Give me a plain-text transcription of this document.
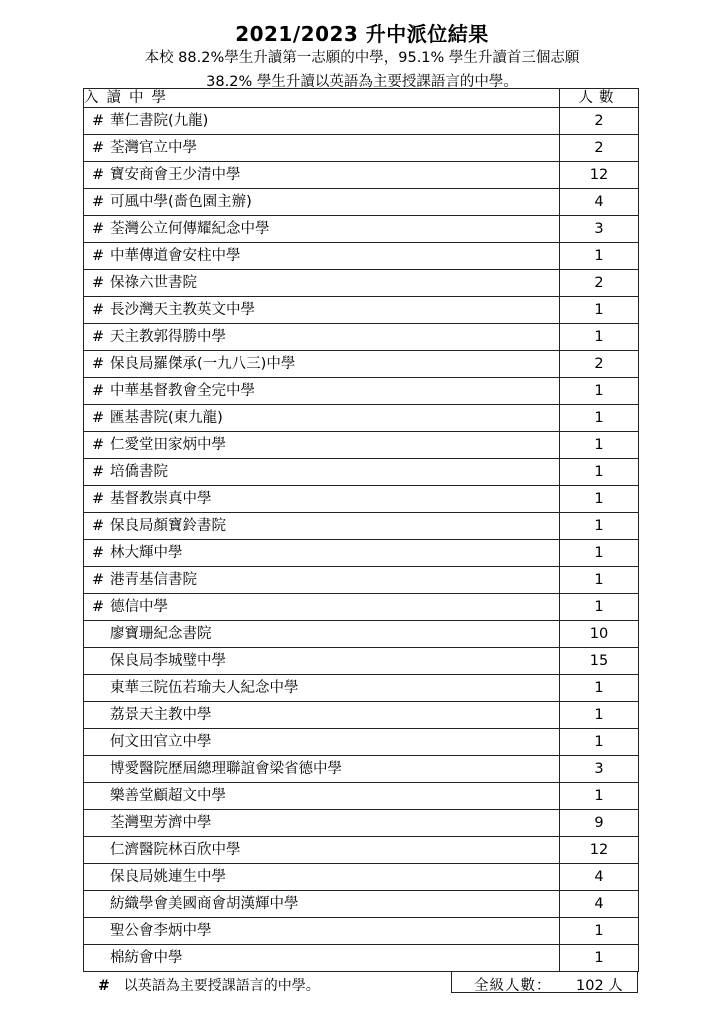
2021/2023 升中派位結果
本校 88.2%學生升讀第一志願的中學，95.1% 學生升讀首三個志願
38.2% 學生升讀以英語為主要授課語言的中學。
入讀中學	人數
# 華仁書院(九龍)	2
# 荃灣官立中學	2
# 寶安商會王少清中學	12
# 可風中學(嗇色園主辦)	4
# 荃灣公立何傳耀紀念中學	3
# 中華傳道會安柱中學	1
# 保祿六世書院	2
# 長沙灣天主教英文中學	1
# 天主教郭得勝中學	1
# 保良局羅傑承(一九八三)中學	2
# 中華基督教會全完中學	1
# 匯基書院(東九龍)	1
# 仁愛堂田家炳中學	1
# 培僑書院	1
# 基督教崇真中學	1
# 保良局顏寶鈴書院	1
# 林大輝中學	1
# 港青基信書院	1
# 德信中學	1
廖寶珊紀念書院	10
保良局李城璧中學	15
東華三院伍若瑜夫人紀念中學	1
荔景天主教中學	1
何文田官立中學	1
博愛醫院歷屆總理聯誼會梁省德中學	3
樂善堂顧超文中學	1
荃灣聖芳濟中學	9
仁濟醫院林百欣中學	12
保良局姚連生中學	4
紡織學會美國商會胡漢輝中學	4
聖公會李炳中學	1
棉紡會中學	1
# 以英語為主要授課語言的中學。	全級人數： 102 人
